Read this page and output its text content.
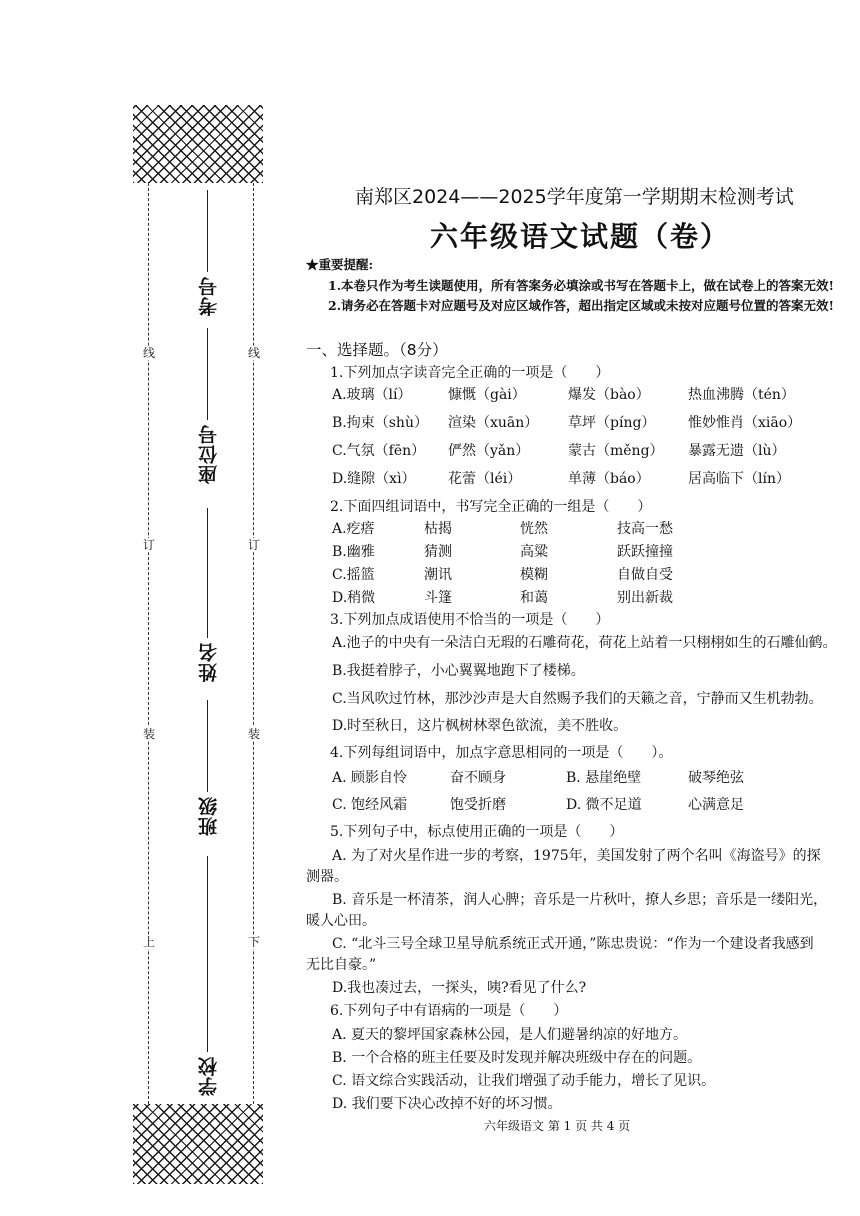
线
订
装
上
线
订
装
下
考号
座位号
姓名
班级
学校
南郑区2024——2025学年度第一学期期末检测考试
六年级语文试题（卷）
★重要提醒:
1.本卷只作为考生读题使用，所有答案务必填涂或书写在答题卡上，做在试卷上的答案无效!
2.请务必在答题卡对应题号及对应区域作答，超出指定区域或未按对应题号位置的答案无效!
一、选择题。（8分）
1.下列加点字读音完全正确的一项是（　　）
A.玻璃（lí）	慷慨（gài）	爆发（bào）	热血沸腾（tén）
B.拘束（shù） 渲染（xuān） 草坪（píng） 惟妙惟肖（xiāo）
C.气氛（fēn） 俨然（yǎn）	蒙古（měng） 暴露无遗（lù）
D.缝隙（xì） 花蕾（léi）	单薄（báo）	居高临下（lín）
2.下面四组词语中，书写完全正确的一组是（　　）
A.疙瘩	枯揭	恍然	技高一愁
B.幽雅	猜测	高粱	跃跃撞撞
C.摇篮	潮讯	模糊	自做自受
D.稍微	斗篷	和蔼	别出新裁
3.下列加点成语使用不恰当的一项是（　　）
A.池子的中央有一朵洁白无瑕的石雕荷花，荷花上站着一只栩栩如生的石雕仙鹤。
B.我挺着脖子，小心翼翼地跑下了楼梯。
C.当风吹过竹林，那沙沙声是大自然赐予我们的天籁之音，宁静而又生机勃勃。
D.时至秋日，这片枫树林翠色欲流，美不胜收。
4.下列每组词语中，加点字意思相同的一项是（　　）。
A. 顾影自怜	奋不顾身	B. 悬崖绝壁	破琴绝弦
C. 饱经风霜	饱受折磨	D. 微不足道	心满意足
5.下列句子中，标点使用正确的一项是（　　）
A. 为了对火星作进一步的考察，1975年，美国发射了两个名叫《海盗号》的探
测器。
B. 音乐是一杯清茶，润人心脾；音乐是一片秋叶，撩人乡思；音乐是一缕阳光，
暖人心田。
C. “北斗三号全球卫星导航系统正式开通，”陈忠贵说：“作为一个建设者我感到
无比自豪。”
D.我也凑过去，一探头，咦?看见了什么?
6.下列句子中有语病的一项是（　　）
A. 夏天的黎坪国家森林公园，是人们避暑纳凉的好地方。
B. 一个合格的班主任要及时发现并解决班级中存在的问题。
C. 语文综合实践活动，让我们增强了动手能力，增长了见识。
D. 我们要下决心改掉不好的坏习惯。
六年级语文 第 1 页 共 4 页
